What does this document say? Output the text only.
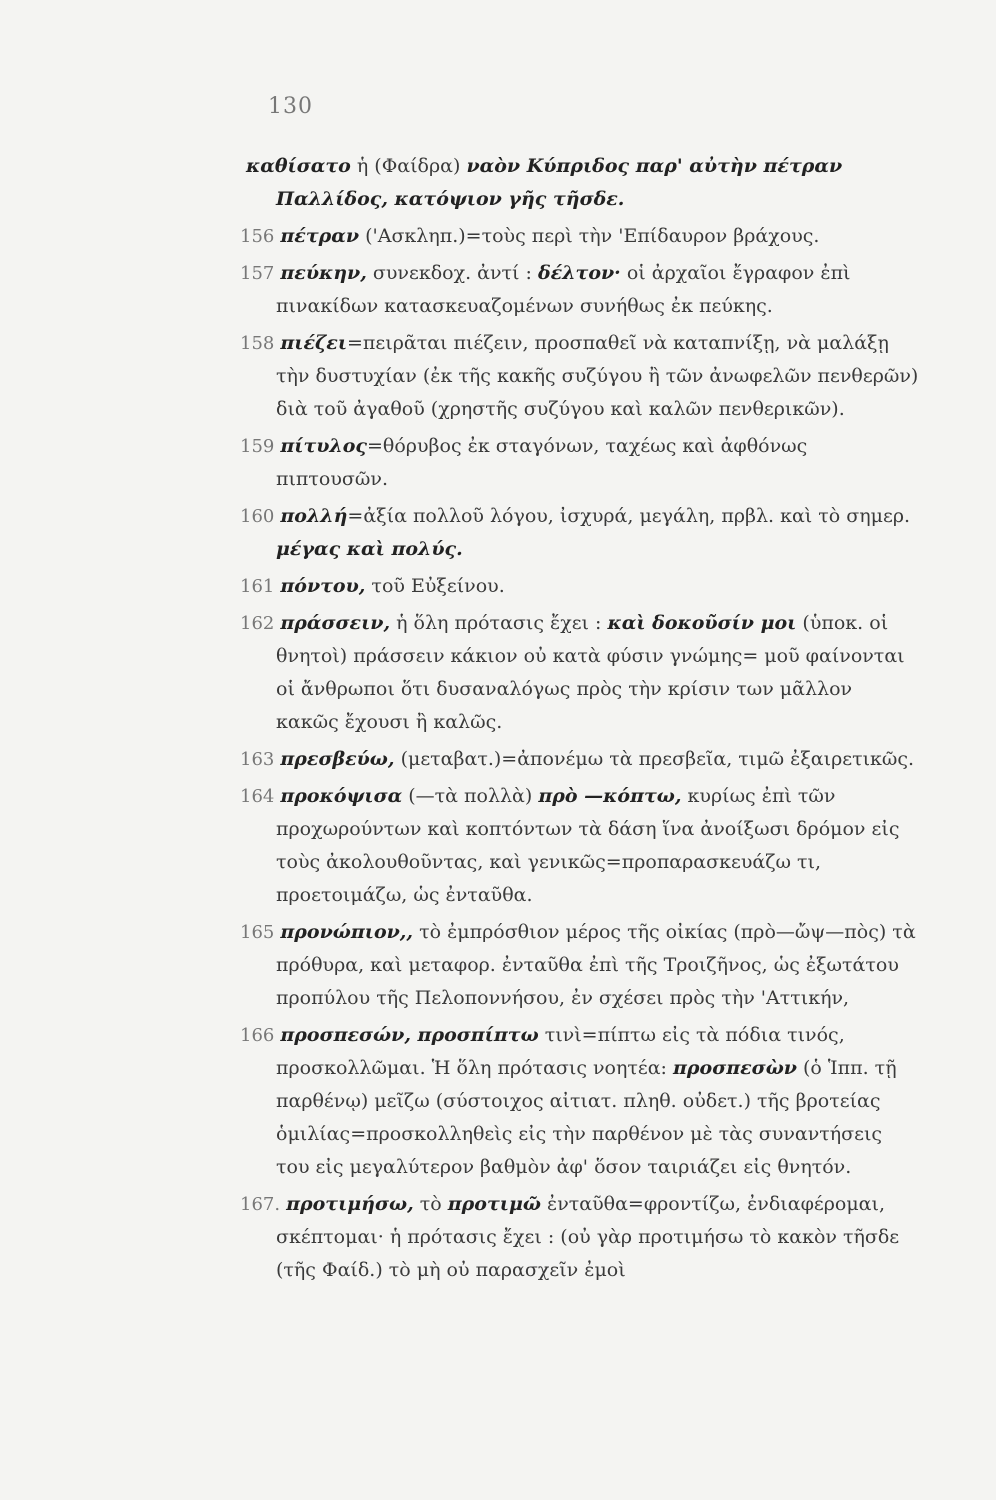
130
καθίσατο ἡ (Φαίδρα) ναὸν Κύπριδος παρ' αὐτὴν πέτραν Παλλίδος, κατόψιον γῆς τῆσδε.
156 πέτραν ('Ασκληπ.)=τοὺς περὶ τὴν 'Επίδαυρον βράχους.
157 πεύκην, συνεκδοχ. ἀντί : δέλτον· οἱ ἀρχαῖοι ἔγραφον ἐπὶ πινακίδων κατασκευαζομένων συνήθως ἐκ πεύκης.
158 πιέζει=πειρᾶται πιέζειν, προσπαθεῖ νὰ καταπνίξῃ, νὰ μαλάξῃ τὴν δυστυχίαν (ἐκ τῆς κακῆς συζύγου ἢ τῶν ἀνωφελῶν πενθερῶν) διὰ τοῦ ἀγαθοῦ (χρηστῆς συζύγου καὶ καλῶν πενθερικῶν).
159 πίτυλος=θόρυβος ἐκ σταγόνων, ταχέως καὶ ἀφθόνως πιπτουσῶν.
160 πολλή=ἀξία πολλοῦ λόγου, ἰσχυρά, μεγάλη, πρβλ. καὶ τὸ σημερ. μέγας καὶ πολύς.
161 πόντου, τοῦ Εὐξείνου.
162 πράσσειν, ἡ ὅλη πρότασις ἔχει : καὶ δοκοῦσίν μοι (ὑποκ. οἱ θνητοὶ) πράσσειν κάκιον οὐ κατὰ φύσιν γνώμης= μοῦ φαίνονται οἱ ἄνθρωποι ὅτι δυσαναλόγως πρὸς τὴν κρίσιν των μᾶλλον κακῶς ἔχουσι ἢ καλῶς.
163 πρεσβεύω, (μεταβατ.)=ἀπονέμω τὰ πρεσβεῖα, τιμῶ ἐξαιρετικῶς.
164 προκόψισα (—τὰ πολλὰ) πρὸ —κόπτω, κυρίως ἐπὶ τῶν προχωρούντων καὶ κοπτόντων τὰ δάση ἵνα ἀνοίξωσι δρόμον εἰς τοὺς ἀκολουθοῦντας, καὶ γενικῶς=προπαρασκευάζω τι, προετοιμάζω, ὡς ἐνταῦθα.
165 προνώπιον,, τὸ ἐμπρόσθιον μέρος τῆς οἰκίας (πρὸ—ὤψ—πὸς) τὰ πρόθυρα, καὶ μεταφορ. ἐνταῦθα ἐπὶ τῆς Τροιζῆνος, ὡς ἐξωτάτου προπύλου τῆς Πελοποννήσου, ἐν σχέσει πρὸς τὴν 'Αττικήν,
166 προσπεσών, προσπίπτω τινὶ=πίπτω εἰς τὰ πόδια τινός, προσκολλῶμαι. Ἡ ὅλη πρότασις νοητέα: προσπεσὼν (ὁ Ἱππ. τῇ παρθένῳ) μεῖζω (σύστοιχος αἰτιατ. πληθ. οὐδετ.) τῆς βροτείας ὁμιλίας=προσκολληθεὶς εἰς τὴν παρθένον μὲ τὰς συναντήσεις του εἰς μεγαλύτερον βαθμὸν ἀφ' ὅσον ταιριάζει εἰς θνητόν.
167. προτιμήσω, τὸ προτιμῶ ἐνταῦθα=φροντίζω, ἐνδιαφέρομαι, σκέπτομαι· ἡ πρότασις ἔχει : (οὐ γὰρ προτιμήσω τὸ κακὸν τῆσδε (τῆς Φαίδ.) τὸ μὴ οὐ παρασχεῖν ἐμοὶ
